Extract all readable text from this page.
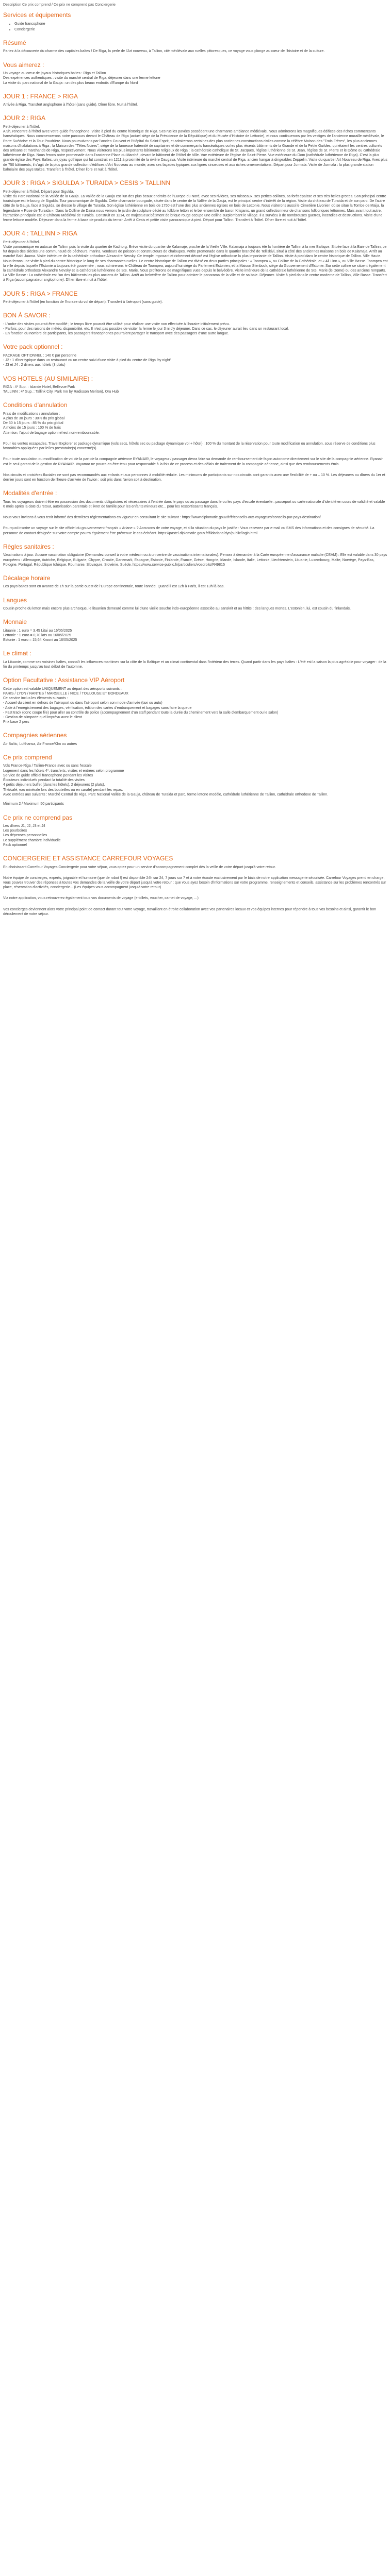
Description Ce prix comprend / Ce prix ne comprend pas Conciergerie
Services et équipements
• Guide francophone
• Conciergerie
Résumé

Partez à la découverte du charme des capitales baltes ! De Riga, la perle de l'Art nouveau, à Tallinn, cité médiévale aux ruelles pittoresques, ce voyage vous plonge au cœur de l'histoire et de la culture.

Vous aimerez :

Un voyage au cœur de joyaux historiques baltes : Riga et Tallinn
Des expériences authentiques : visite du marché central de Riga, déjeuner dans une ferme lettone
La visite du parc national de la Gauja : un des plus beaux endroits d'Europe du Nord

JOUR 1 : FRANCE > RIGA

Arrivée à Riga. Transfert anglophone à l'hôtel (sans guide). Dîner libre. Nuit à l'hôtel.

JOUR 2 : RIGA

Petit-déjeuner à l'hôtel.
A 9h, rencontre à l'hôtel avec votre guide francophone. Visite à pied du centre historique de Riga. Ses ruelles pavées possèdent une charmante ambiance médiévale. Nous admirerons les magnifiques édifices des riches commerçants hanséatiques. Nous commencerons notre parcours devant le Château de Riga (actuel siège de la Présidence de la République) et du Musée d'Histoire de Lettonie), et nous continuerons par les vestiges de l'ancienne muraille médiévale, le Porte Suédoise et la Tour Poudrière. Nous poursuivrons par l'ancien Couvent et l'Hôpital du Saint-Esprit, et admirerons certaines des plus anciennes constructions civiles comme la célèbre Maison des "Trois Frères", les plus anciennes maisons d'habitations à Riga ; la Maison des "Têtes Noires", siège de la fameuse fraternité de capitaines et de commerçants hanséatiques ou les plus récents bâtiments de la Grande et de la Petite Guildes, qui étaient les centres culturels des artisans et marchands de Riga, respectivement. Nous visiterons les plus importants bâtiments religieux de Riga : la cathédrale catholique de St. Jacques, l'église luthérienne de St. Jean, l'église de St. Pierre et le Dôme ou cathédrale luthérienne de Riga. Nous ferons notre promenade dans l'ancienne Place du Marché, devant le bâtiment de l'Hôtel de Ville. Vue extérieure de l'église de Saint-Pierre. Vue extérieure du Dom (cathédrale luthérienne de Riga). C'est la plus grande église des Pays Baltes, un joyau gothique qui fut construit en 1211 à proximité de la rivière Daugava. Visite intérieure du marché central de Riga, ancien hangar à dirigeables Zeppelin. Visite du quartier Art Nouveau de Riga. Avec plus de 750 bâtiments, il s'agit de la plus grande collection d'édifices d'Art Nouveau au monde, avec ses façades typiques aux lignes sinueuses et aux riches ornementations. Départ pour Jurmala. Visite de Jurmala : la plus grande station balnéaire des pays Baltes. Transfert à l'hôtel. Dîner libre et nuit à l'hôtel.

JOUR 3 : RIGA > SIGULDA > TURAIDA > CESIS > TALLINN

Petit-déjeuner à l'hôtel. Départ pour Sigulda.
Visite du Parc National de la Vallée de la Gauja. La Vallée de la Gauja est l'un des plus beaux endroits de l'Europe du Nord, avec ses rivières, ses ruisseaux, ses petites collines, sa forêt épaisse et ses très belles grottes. Son principal centre touristique est le bourg de Sigulda. Tour panoramique de Sigulda. Cette charmante bourgade, située dans le centre de la Vallée de la Gauja, est le principal centre d'intérêt de la région. Visite du château de Turaida et de son parc. De l'autre côté de la Gauja, face à Sigulda, se dresse le village de Turaida. Son église luthérienne en bois de 1750 est l'une des plus anciennes églises en bois de Lettonie. Nous visiterons aussi le Cimetière Livonien où se situe la Tombe de Maija, la légendaire « Rose de Turaida ». Dans la Colline de Daina nous verrons le jardin de sculpture dédié au folklore letton et le bel ensemble de baron Krisjanis, un grand collectionneur de chansons folkloriques lettonnes. Mais avant tout autre, l'attraction principale est le Château Médiéval de Turaida. Construit en 1214, ce majestueux bâtiment de brique rouge occupe une colline surplombant le village. Il a survécu à de nombreuses guerres, incendies et destructions. Visite d'une ferme lettone modèle. Déjeuner dans la ferme à base de produits du terroir. Arrêt à Cesis et petite visite panoramique à pied. Départ pour Tallinn. Transfert à l'hôtel. Dîner libre et nuit à l'hôtel.

JOUR 4 : TALLINN > RIGA

Petit-déjeuner à l'hôtel.
Visite panoramique en autocar de Tallinn puis la visite du quartier de Kadriorg. Brève visite du quartier de Kalamaje, proche de la Vieille Ville. Kalamaja a toujours été la frontière de Tallinn à la mer Baltique. Située face à la Baie de Tallinn, ce fut depuis des siècles une communauté de pêcheurs, marins, vendeurs de poisson et constructeurs de chaloupes. Petite promenade dans le quartier branché de Telliskivi, situé à côté des anciennes maisons en bois de Kalamaja. Arrêt au marché Balti Jaama. Visite intérieure de la cathédrale orthodoxe Alexandre Nevsky. Ce temple imposant et richement décoré est l'église orthodoxe la plus importante de Tallinn. Visite à pied dans le centre historique de Tallinn. Ville Haute. Nous ferons une visite à pied du centre historique le long de ses charmantes ruelles. Le centre historique de Tallinn est divisé en deux parties principales : « Toompea », ou Colline de la Cathédrale, et « All Linn », ou Ville Basse. Toompea est la ville depuis laquelle l'Estonie a toujours été gouvernée ; nous admirerons le Château de Toompea, aujourd'hui siège du Parlement Estonien, et la Maison Stenbock, siège du Gouvernement d'Estonie. Sur cette colline se situent également la cathédrale orthodoxe Alexandre Nevsky et la cathédrale luthérienne de Ste. Marie. Nous profiterons de magnifiques vues depuis le belvédère. Visite intérieure de la cathédrale luthérienne de Ste. Marie (le Dome) ou des anciens remparts. La Ville Basse : La cathédrale est l'un des bâtiments les plus anciens de Tallinn. Arrêt au belvédère de Tallinn pour admirer le panorama de la ville et de sa baie. Déjeuner. Visite à pied dans le centre moderne de Tallinn, Ville Basse. Transfert à Riga (accompagnateur anglophone). Dîner libre et nuit à l'hôtel.

JOUR 5 : RIGA > FRANCE

Petit-déjeuner à l'hôtel (en fonction de l'horaire du vol de départ). Transfert à l'aéroport (sans guide).

BON À SAVOIR :

- L'ordre des visites pourrait être modifié ; le temps libre pourrait être utilisé pour réaliser une visite non effectuée à l'horaire initialement prévu.
- Parfois, pour des raisons de météo, disponibilité, etc. Il n'est pas possible de visiter la ferme le jour 3 ni d'y déjeuner. Dans ce cas, le déjeuner aurait lieu dans un restaurant local.
- En fonction du nombre de participants, les passagers francophones pourraient partager le transport avec des passagers d'une autre langue.

Votre pack optionnel :

PACKAGE OPTIONNEL : 140 € par personne
- J2 : 1 dîner typique dans un restaurant ou un centre suivi d'une visite à pied du centre de Riga 'by night'
- J3 et J4 : 2 diners aux hôtels (3 plats)

VOS HOTELS (AU SIMILAIRE) :

RIGA : 4* Sup. : Islande Hotel, Bellevue Park
TALLINN : 4* Sup. : Tallink City, Park Inn by Radisson Meriton), Oru Hub

Conditions d'annulation

Frais de modifications / annulation :
A plus de 30 jours : 30% du prix global
De 30 à 15 jours : 85 % du prix global
A moins de 15 jours : 100 % de frais
Attention, l'ajout de bagage optionnel est non-remboursable.

Pour les ventes escapades, Travel Explorer et package dynamique (vols secs, hôtels sec ou package dynamique vol + hôtel) : 100 % du montant de la réservation pour toute modification ou annulation, sous réserve de conditions plus favorables appliquées par le/les prestataire(s) concerné(s).

Pour toute annulation ou modification de vol de la part de la compagnie aérienne RYANAIR, le voyageur / passager devra faire sa demande de remboursement de façon autonome directement sur le site de la compagnie aérienne. Ryanair est le seul garant de la gestion de RYANAIR. Voyamar ne pourra en être tenu pour responsable à la fois de ce process et des délais de traitement de la compagnie aérienne, ainsi que des remboursements émis.

Nos circuits et croisières fluviales ne sont pas recommandés aux enfants et aux personnes à mobilité réduite. Les minimums de participants sur nos circuits sont garantis avec une flexibilité de + ou – 10 %. Les déjeuners ou dîners du 1er et dernier jours sont en fonction de l'heure d'arrivée de l'avion : soit pris dans l'avion soit à destination.

Modalités d'entrée :

Tous les voyageurs doivent être en possession des documents obligatoires et nécessaires à l'entrée dans le pays ou au passage dans le ou les pays d'escale éventuelle : passeport ou carte nationale d'identité en cours de validité et valable 6 mois après la date du retour, autorisation parentale et livret de famille pour les enfants mineurs etc... pour les ressortissants français.

Nous vous invitons à vous tenir informé des dernières réglementations en vigueur en consultant le site suivant : https://www.diplomatie.gouv.fr/fr/conseils-aux-voyageurs/conseils-par-pays-destination/

Pourquoi inscrire un voyage sur le site officiel du gouvernement français « Ariane » ? Accusons de votre voyage, et si la situation du pays le justifie : Vous recevrez par e-mail ou SMS des informations et des consignes de sécurité. La personne de contact désignée sur votre compte pourra également être prévenue le cas échéant. https://pastel.diplomatie.gouv.fr/fildariane/dyn/public/login.html

Règles sanitaires :

Vaccinations à jour. Aucune vaccination obligatoire (Demandez conseil à votre médecin ou à un centre de vaccinations internationales). Pensez à demander à la Carte européenne d'assurance maladie (CEAM) : Elle est valable dans 30 pays européens : Allemagne, Autriche, Belgique, Bulgarie, Chypre, Croatie, Danemark, Espagne, Estonie, Finlande, France, Grèce, Hongrie, Irlande, Islande, Italie, Lettonie, Liechtenstein, Lituanie, Luxembourg, Malte, Norvège, Pays-Bas, Pologne, Portugal, République tchèque, Roumanie, Slovaquie, Slovénie, Suède. https://www.service-public.fr/particuliers/vosdroits/R49815

Décalage horaire

Les pays baltes sont en avance de 1h sur la partie ouest de l'Europe continentale, toute l'année. Quand il est 12h à Paris, il est 13h là-bas.

Langues

Cousin proche du letton mais encore plus archaïque, le lituanien demeuré comme lui d'une vieille souche indo-européenne associée au sanskrit et au hittite : des langues mortes. L'estonien, lui, est cousin du finlandais.

Monnaie

Lituanie : 1 euro = 3,45 Litai au 16/05/2025
Lettonie : 1 euro = 0,70 lats au 16/05/2025
Estonie : 1 euro = 15,64 Krooni au 16/05/2025

Le climat :

La Lituanie, comme ses voisines baltes, connaît les influences maritimes sur la côte de la Baltique et un climat continental dans l'intérieur des terres. Quand partir dans les pays baltes : L'été est la saison la plus agréable pour voyager : de la fin du printemps jusqu'au tout début de l'automne.

Option Facultative : Assistance VIP Aéroport

Cette option est valable UNIQUEMENT au départ des aéroports suivants :
PARIS / LYON / NANTES / MARSEILLE / NICE / TOULOUSE ET BORDEAUX
Ce service inclus les éléments suivants :
- Accueil du client en dehors de l'aéroport ou dans l'aéroport selon son mode d'arrivée (taxi ou auto)
- Aide à l'enregistrement des bagages, vérification, édition des cartes d'embarquement et bagages sans faire la queue
- Fast track (donc coupe file) pour aller au contrôle de police (accompagnement d'un staff pendant toute la durée du cheminement vers la salle d'embarquement ou le salon)
- Gestion de n'importe quel imprévu avec le client
Prix base 2 pers

Compagnies aériennes

Air Baltic, Lufthansa, Air France/Klm ou autres

Ce prix comprend

Vols France-Riga / Tallinn-France avec ou sans l'escale
Logement dans les hôtels 4*, transferts, visites et entrées selon programme
Service de guide officiel francophone pendant les visites
Écouteurs individuels pendant la totalité des visites
4 petits déjeuners buffet (dans les hôtels), 2 déjeuners (2 plats),
Thé/café, eau minérale lors des bouteilles ou en carafe) pendant les repas.
Avec entrées aux suivants : Marché Central de Riga, Parc National Vallée de la Gauja, château de Turaida et parc, ferme lettone modèle, cathédrale luthérienne de Tallinn, cathédrale orthodoxe de Tallinn.

Minimum 2 / Maximum 50 participants

Ce prix ne comprend pas

Les dîners J1, J2, J3 et J4
Les pourboires
Les dépenses personnelles
Le supplément chambre individuelle
Pack optionnel

CONCIERGERIE ET ASSISTANCE CARREFOUR VOYAGES

En choisissant Carrefour Voyages Conciergerie pour votre séjour, vous optez pour un service d'accompagnement complet dès la veille de votre départ jusqu'à votre retour.

Notre équipe de concierges, experts, joignable et humaine (que de robot !) est disponible 24h sur 24, 7 jours sur 7 et à votre écoute exclusivement par le biais de notre application messagerie sécurisée. Carrefour Voyages prend en charge, vous pouvez trouver des réponses à toutes vos demandes de la veille de votre départ jusqu'à votre retour : que vous ayez besoin d'informations sur votre programme, renseignements et conseils, assistance sur les problèmes rencontrés sur place, réservation d'activités, conciergerie... (Les équipes vous accompagnent jusqu'à votre retour)

Via notre application, vous retrouverez également tous vos documents de voyage (e-billets, voucher, carnet de voyage, ...)

Vos concierges deviennent alors votre principal point de contact durant tout votre voyage, travaillant en étroite collaboration avec vos partenaires locaux et vos équipes internes pour répondre à tous vos besoins et ainsi, garantir le bon déroulement de votre séjour.
